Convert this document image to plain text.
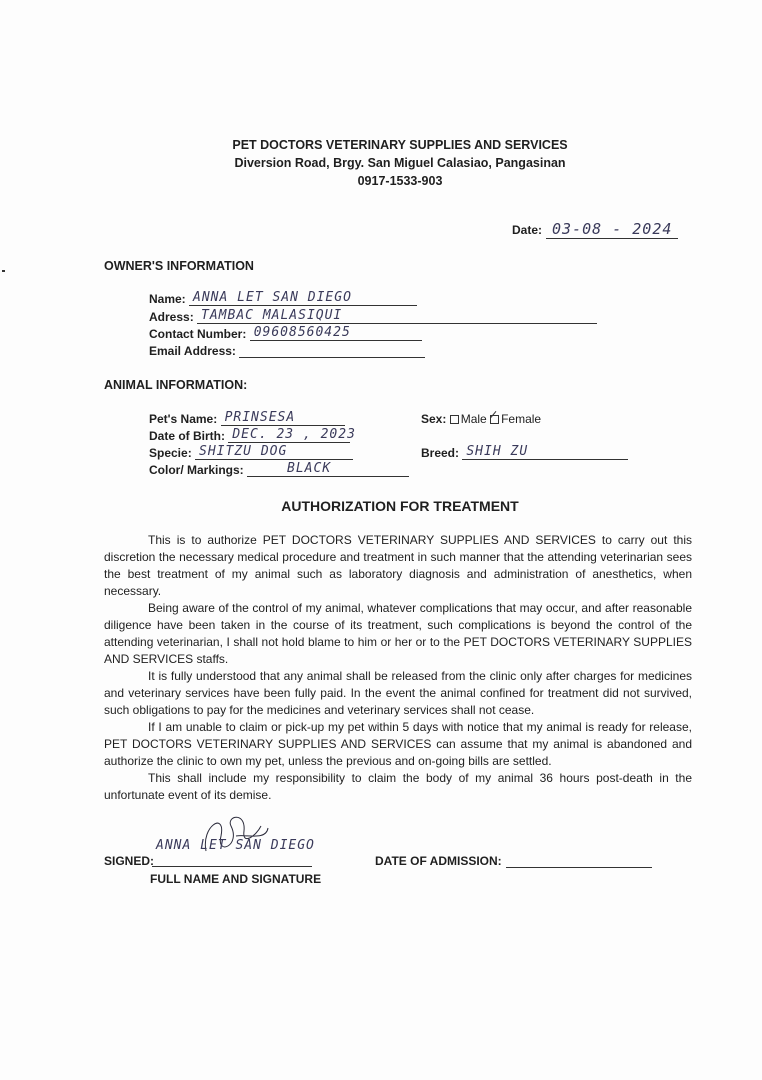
PET DOCTORS VETERINARY SUPPLIES AND SERVICES
Diversion Road, Brgy. San Miguel Calasiao, Pangasinan
0917-1533-903
Date: 03-08 - 2024
OWNER'S INFORMATION
Name: ANNA LET SAN DIEGO
Adress: TAMBAC MALASIQUI
Contact Number: 09608560425
Email Address:
ANIMAL INFORMATION:
Pet's Name: PRINSESA
Date of Birth: DEC. 23 , 2023
Specie: SHITZU DOG
Color/ Markings:	BLACK
Sex: Male Female
Breed: SHIH ZU
AUTHORIZATION FOR TREATMENT

This is to authorize PET DOCTORS VETERINARY SUPPLIES AND SERVICES to carry out this discretion the necessary medical procedure and treatment in such manner that the attending veterinarian sees the best treatment of my animal such as laboratory diagnosis and administration of anesthetics, when necessary.

Being aware of the control of my animal, whatever complications that may occur, and after reasonable diligence have been taken in the course of its treatment, such complications is beyond the control of the attending veterinarian, I shall not hold blame to him or her or to the PET DOCTORS VETERINARY SUPPLIES AND SERVICES staffs.

It is fully understood that any animal shall be released from the clinic only after charges for medicines and veterinary services have been fully paid. In the event the animal confined for treatment did not survived, such obligations to pay for the medicines and veterinary services shall not cease.

If I am unable to claim or pick-up my pet within 5 days with notice that my animal is ready for release, PET DOCTORS VETERINARY SUPPLIES AND SERVICES can assume that my animal is abandoned and authorize the clinic to own my pet, unless the previous and on-going bills are settled.

This shall include my responsibility to claim the body of my animal 36 hours post-death in the unfortunate event of its demise.

SIGNED:
ANNA LET SAN DIEGO
FULL NAME AND SIGNATURE
DATE OF ADMISSION:
